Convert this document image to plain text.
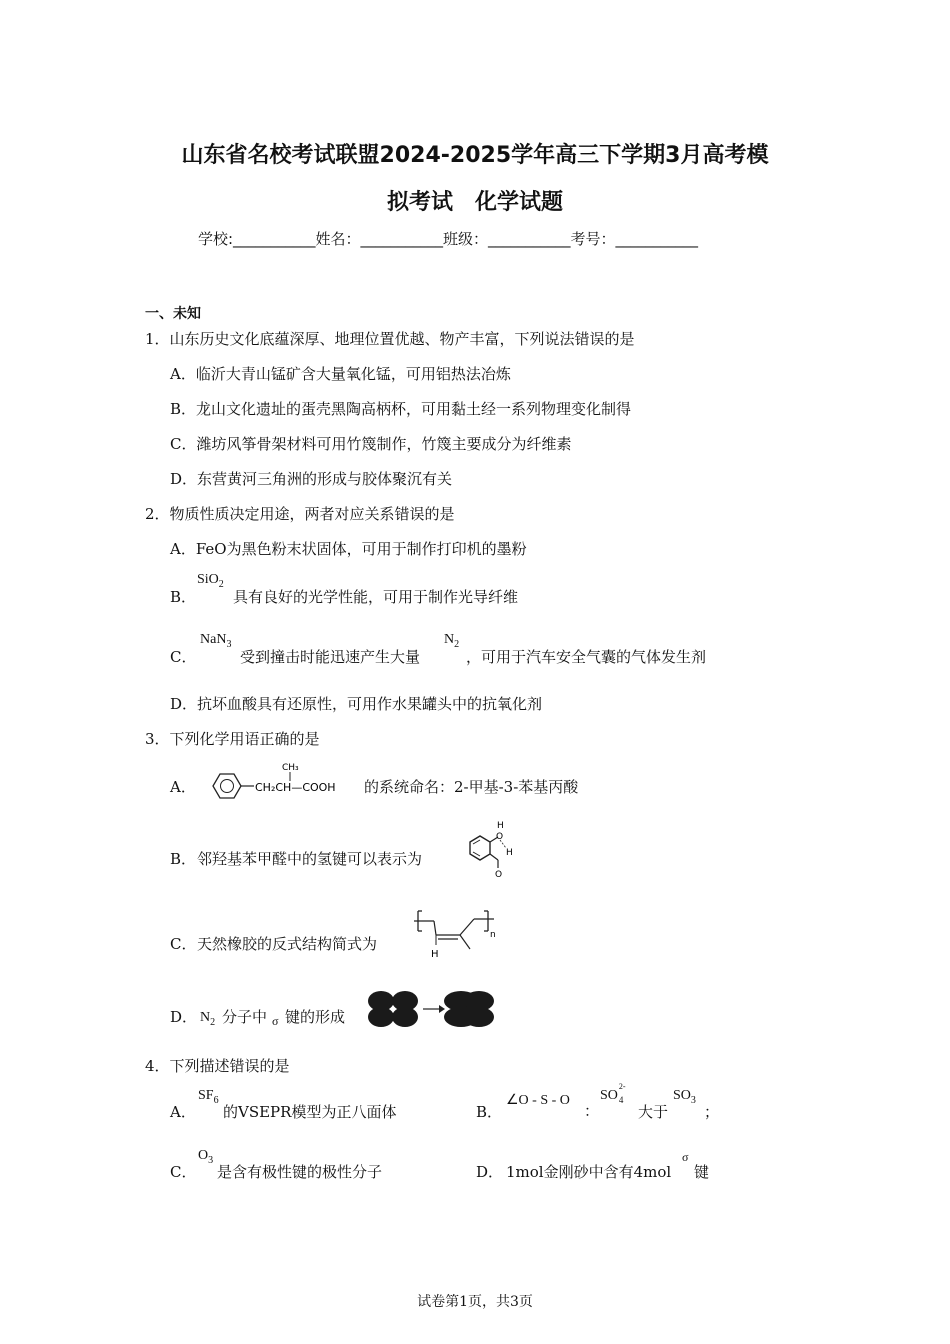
山东省名校考试联盟2024-2025学年高三下学期3月高考模
拟考试　化学试题
学校:___________姓名：___________班级：___________考号：___________
一、未知
1．山东历史文化底蕴深厚、地理位置优越、物产丰富，下列说法错误的是
A．临沂大青山锰矿含大量氧化锰，可用铝热法冶炼
B．龙山文化遗址的蛋壳黑陶高柄杯，可用黏土经一系列物理变化制得
C．潍坊风筝骨架材料可用竹篾制作，竹篾主要成分为纤维素
D．东营黄河三角洲的形成与胶体聚沉有关
2．物质性质决定用途，两者对应关系错误的是
A．FeO为黑色粉末状固体，可用于制作打印机的墨粉
B．
SiO$_2$
具有良好的光学性能，可用于制作光导纤维
C．
NaN$_3$
受到撞击时能迅速产生大量
$N_2$
，可用于汽车安全气囊的气体发生剂
D．抗坏血酸具有还原性，可用作水果罐头中的抗氧化剂
3．下列化学用语正确的是
A．
CH₃
CH₂CH—COOH 的系统命名：2-甲基-3-苯基丙酸
B． 邻羟基苯甲醛中的氢键可以表示为
H
O
H
O
C． 天然橡胶的反式结构简式为
H
n
D． $N_2$ 分子中 σ 键的形成
4．下列描述错误的是
A．
$SF_6$
的VSEPR模型为正八面体	B．
∠O - S - O
：
SO
2-
4
大于
$SO_3$
；
C．
$O_3$
是含有极性键的极性分子	D． 1mol金刚砂中含有4mol
σ
键
试卷第1页，共3页
